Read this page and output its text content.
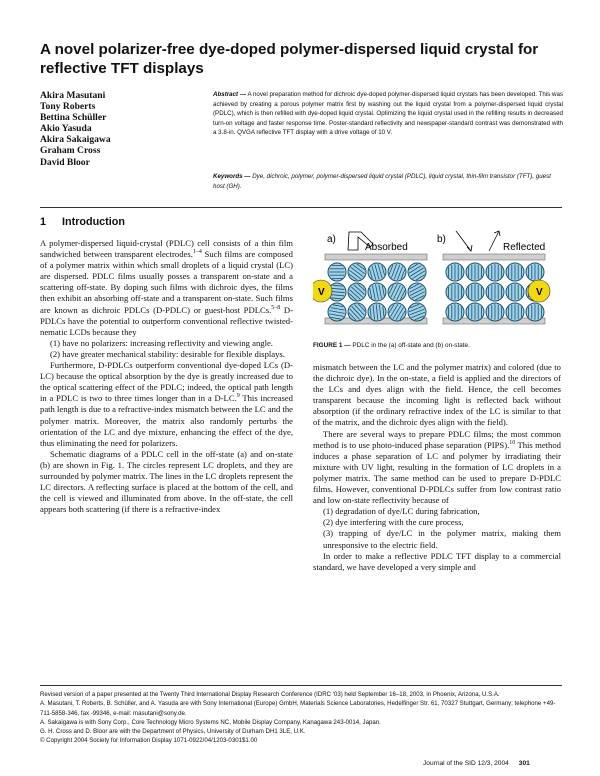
A novel polarizer-free dye-doped polymer-dispersed liquid crystal for reflective TFT displays
Akira Masutani
Tony Roberts
Bettina Schüller
Akio Yasuda
Akira Sakaigawa
Graham Cross
David Bloor

Abstract — A novel preparation method for dichroic dye-doped polymer-dispersed liquid crystals has been developed. This was achieved by creating a porous polymer matrix first by washing out the liquid crystal from a polymer-dispersed liquid crystal (PDLC), which is then refilled with dye-doped liquid crystal. Optimizing the liquid crystal used in the refilling results in decreased turn-on voltage and faster response time. Poster-standard reflectivity and newspaper-standard contrast was demonstrated with a 3.8-in. QVGA reflective TFT display with a drive voltage of 10 V.

Keywords — Dye, dichroic, polymer, polymer-dispersed liquid crystal (PDLC), liquid crystal, thin-film transistor (TFT), guest host (GH).

1 Introduction

A polymer-dispersed liquid-crystal (PDLC) cell consists of a thin film sandwiched between transparent electrodes.$^{1-4}$ Such films are composed of a polymer matrix within which small droplets of a liquid crystal (LC) are dispersed. PDLC films usually posses a transparent on-state and a scattering off-state. By doping such films with dichroic dyes, the films then exhibit an absorbing off-state and a transparent on-state. Such films are known as dichroic PDLCs (D-PDLC) or guest-host PDLCs.$^{5-8}$ D-PDLCs have the potential to outperform conventional reflective twisted-nematic LCDs because they

(1) have no polarizers: increasing reflectivity and viewing angle.

(2) have greater mechanical stability: desirable for flexible displays.

Furthermore, D-PDLCs outperform conventional dye-doped LCs (D-LC) because the optical absorption by the dye is greatly increased due to the optical scattering effect of the PDLC; indeed, the optical path length in a PDLC is two to three times longer than in a D-LC.$^9$ This increased path length is due to a refractive-index mismatch between the LC and the polymer matrix. Moreover, the matrix also randomly perturbs the orientation of the LC and dye mixture, enhancing the effect of the dye, thus eliminating the need for polarizers.

Schematic diagrams of a PDLC cell in the off-state (a) and on-state (b) are shown in Fig. 1. The circles represent LC droplets, and they are surrounded by polymer matrix. The lines in the LC droplets represent the LC directors. A reflecting surface is placed at the bottom of the cell, and the cell is viewed and illuminated from above. In the off-state, the cell appears both scattering (if there is a refractive-index

a)
Absorbed
V
b)
Reflected
V

FIGURE 1 — PDLC in the (a) off-state and (b) on-state.

mismatch between the LC and the polymer matrix) and colored (due to the dichroic dye). In the on-state, a field is applied and the directors of the LCs and dyes align with the field. Hence, the cell becomes transparent because the incoming light is reflected back without absorption (if the ordinary refractive index of the LC is similar to that of the matrix, and the dichroic dyes align with the field).

There are several ways to prepare PDLC films; the most common method is to use photo-induced phase separation (PIPS).$^{10}$ This method induces a phase separation of LC and polymer by irradiating their mixture with UV light, resulting in the formation of LC droplets in a polymer matrix. The same method can be used to prepare D-PDLC films. However, conventional D-PDLCs suffer from low contrast ratio and low on-state reflectivity because of

(1) degradation of dye/LC during fabrication,

(2) dye interfering with the cure process,

(3) trapping of dye/LC in the polymer matrix, making them unresponsive to the electric field.

In order to make a reflective PDLC TFT display to a commercial standard, we have developed a very simple and

Revised version of a paper presented at the Twenty Third International Display Research Conference (IDRC '03) held September 16–18, 2003, in Phoenix, Arizona, U.S.A.

A. Masutani, T. Roberts, B. Schüller, and A. Yasuda are with Sony International (Europe) GmbH, Materials Science Laboratories, Hedelfinger Str. 61, 70327 Stuttgart, Germany; telephone +49-711-5858-346, fax -99346, e-mail: masutani@sony.de.

A. Sakaigawa is with Sony Corp., Core Technology Micro Systems NC, Mobile Display Company, Kanagawa 243-0014, Japan.

G. H. Cross and D. Bloor are with the Department of Physics, University of Durham DH1 3LE, U.K.

© Copyright 2004 Society for Information Display 1071-0922/04/1203-0301$1.00

Journal of the SID 12/3, 2004 301
